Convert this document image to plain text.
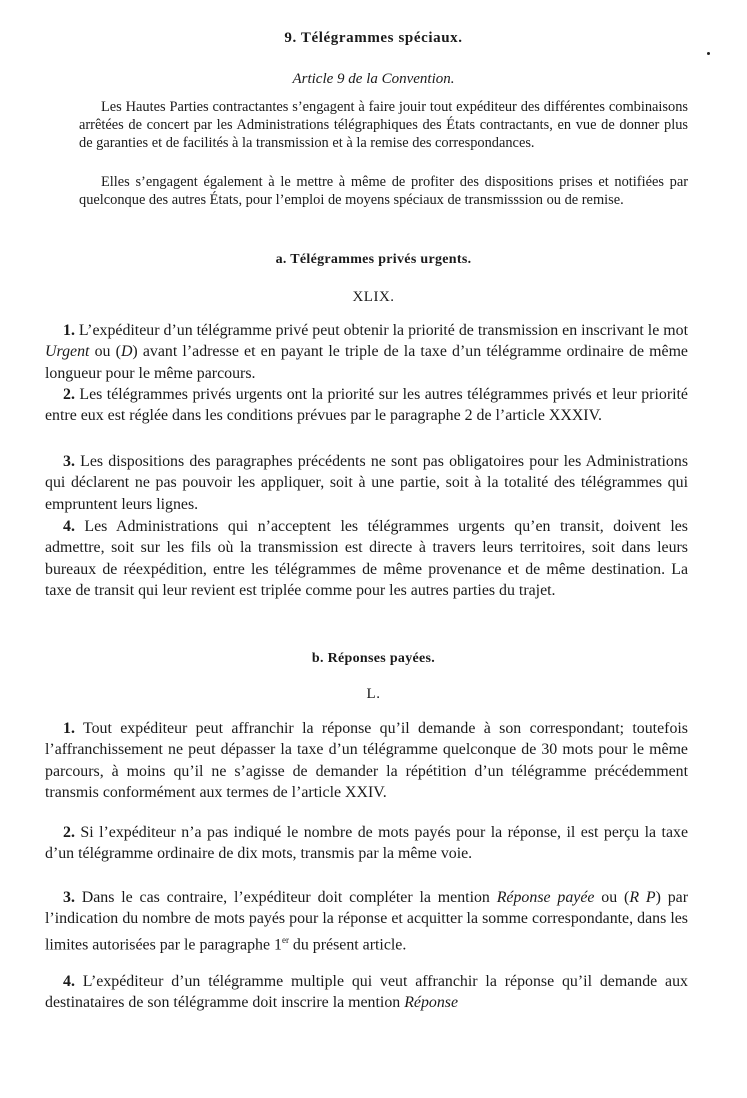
9. Télégrammes spéciaux.
Article 9 de la Convention.
Les Hautes Parties contractantes s’engagent à faire jouir tout expéditeur des différentes combinaisons arrêtées de concert par les Administrations télégraphiques des États contractants, en vue de donner plus de garanties et de facilités à la transmission et à la remise des correspondances.
Elles s’engagent également à le mettre à même de profiter des dispositions prises et notifiées par quelconque des autres États, pour l’emploi de moyens spéciaux de transmisssion ou de remise.
a. Télégrammes privés urgents.
XLIX.
1. L’expéditeur d’un télégramme privé peut obtenir la priorité de transmission en inscrivant le mot Urgent ou (D) avant l’adresse et en payant le triple de la taxe d’un télégramme ordinaire de même longueur pour le même parcours.
2. Les télégrammes privés urgents ont la priorité sur les autres télégrammes privés et leur priorité entre eux est réglée dans les conditions prévues par le paragraphe 2 de l’article XXXIV.
3. Les dispositions des paragraphes précédents ne sont pas obligatoires pour les Administrations qui déclarent ne pas pouvoir les appliquer, soit à une partie, soit à la totalité des télégrammes qui empruntent leurs lignes.
4. Les Administrations qui n’acceptent les télégrammes urgents qu’en transit, doivent les admettre, soit sur les fils où la transmission est directe à travers leurs territoires, soit dans leurs bureaux de réexpédition, entre les télégrammes de même provenance et de même destination. La taxe de transit qui leur revient est triplée comme pour les autres parties du trajet.
b. Réponses payées.
L.
1. Tout expéditeur peut affranchir la réponse qu’il demande à son correspondant; toutefois l’affranchissement ne peut dépasser la taxe d’un télégramme quelconque de 30 mots pour le même parcours, à moins qu’il ne s’agisse de demander la répétition d’un télégramme précédemment transmis conformément aux termes de l’article XXIV.
2. Si l’expéditeur n’a pas indiqué le nombre de mots payés pour la réponse, il est perçu la taxe d’un télégramme ordinaire de dix mots, transmis par la même voie.
3. Dans le cas contraire, l’expéditeur doit compléter la mention Réponse payée ou (R P) par l’indication du nombre de mots payés pour la réponse et acquitter la somme correspondante, dans les limites autorisées par le paragraphe 1er du présent article.
4. L’expéditeur d’un télégramme multiple qui veut affranchir la réponse qu’il demande aux destinataires de son télégramme doit inscrire la mention Réponse
